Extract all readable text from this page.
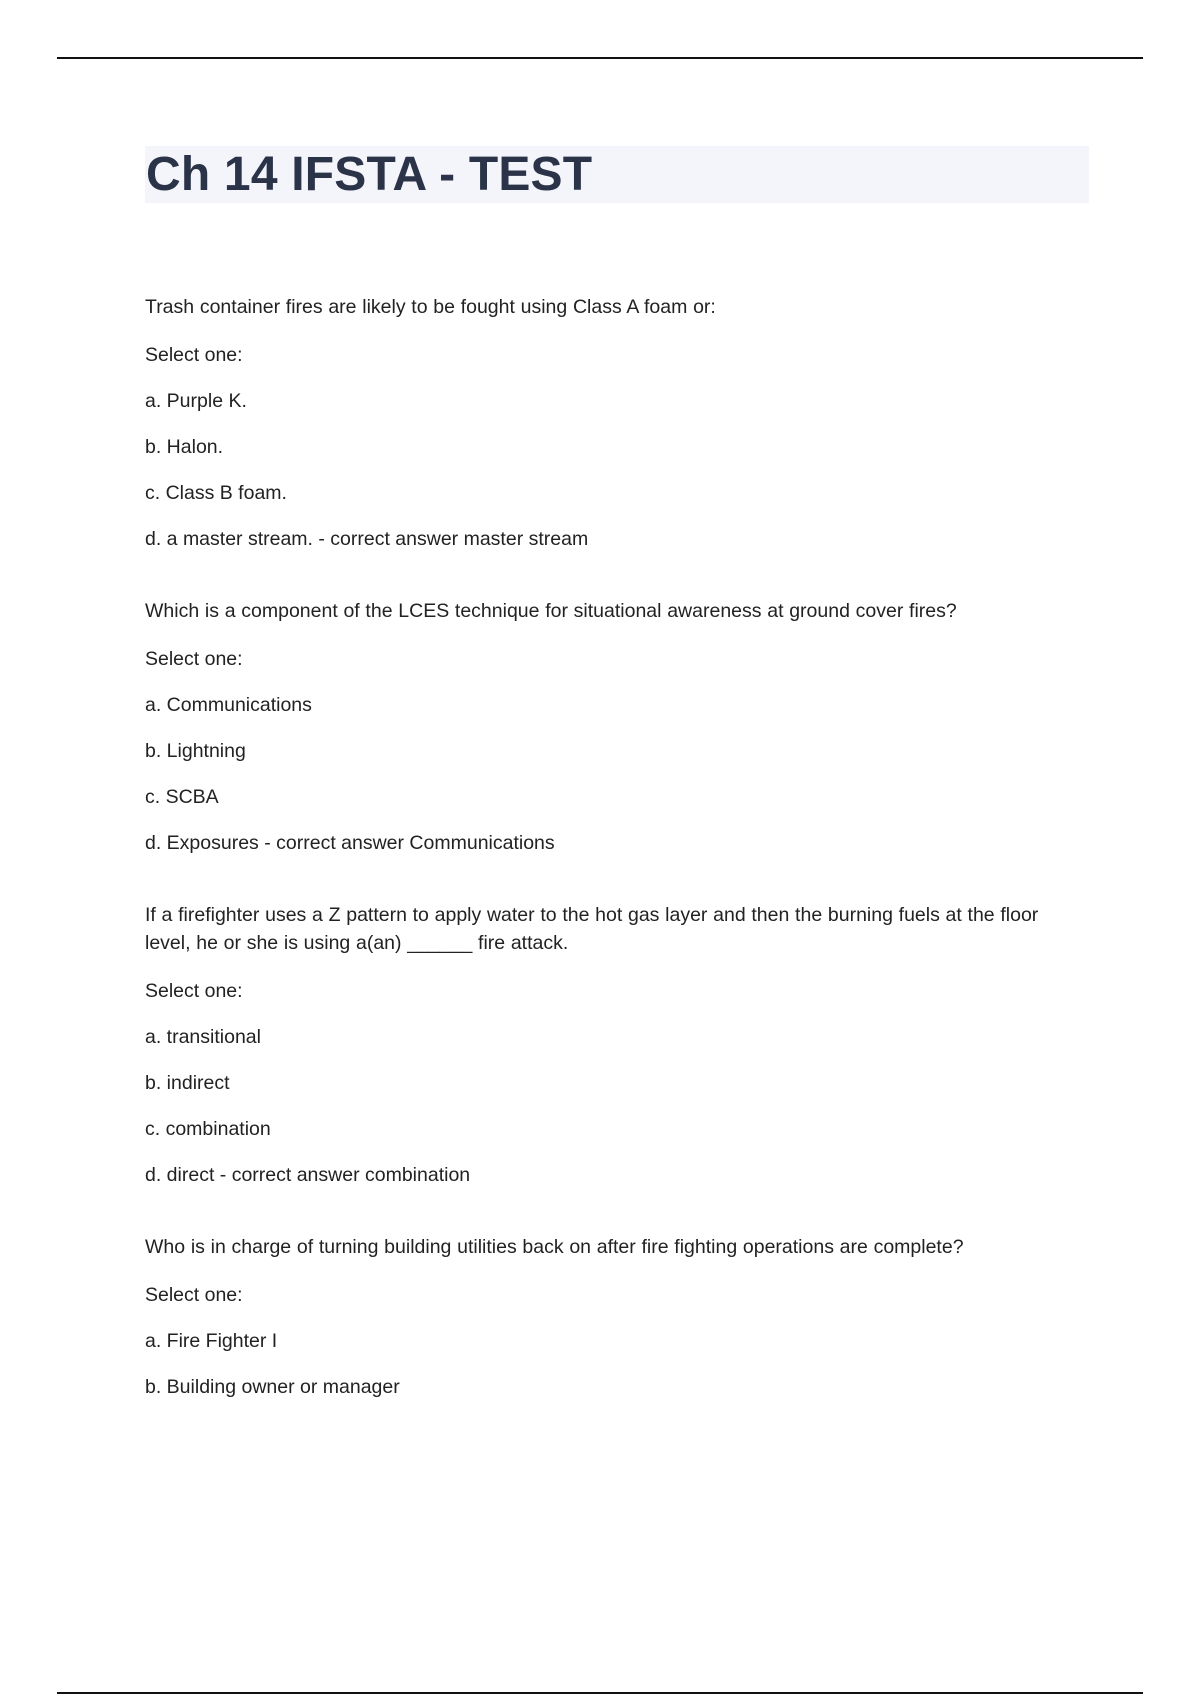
Ch 14 IFSTA - TEST

Trash container fires are likely to be fought using Class A foam or:

Select one:

a. Purple K.

b. Halon.

c. Class B foam.

d. a master stream. - correct answer master stream

Which is a component of the LCES technique for situational awareness at ground cover fires?

Select one:

a. Communications

b. Lightning

c. SCBA

d. Exposures - correct answer Communications

If a firefighter uses a Z pattern to apply water to the hot gas layer and then the burning fuels at the floor level, he or she is using a(an) ______ fire attack.

Select one:

a. transitional

b. indirect

c. combination

d. direct - correct answer combination

Who is in charge of turning building utilities back on after fire fighting operations are complete?

Select one:

a. Fire Fighter I

b. Building owner or manager
